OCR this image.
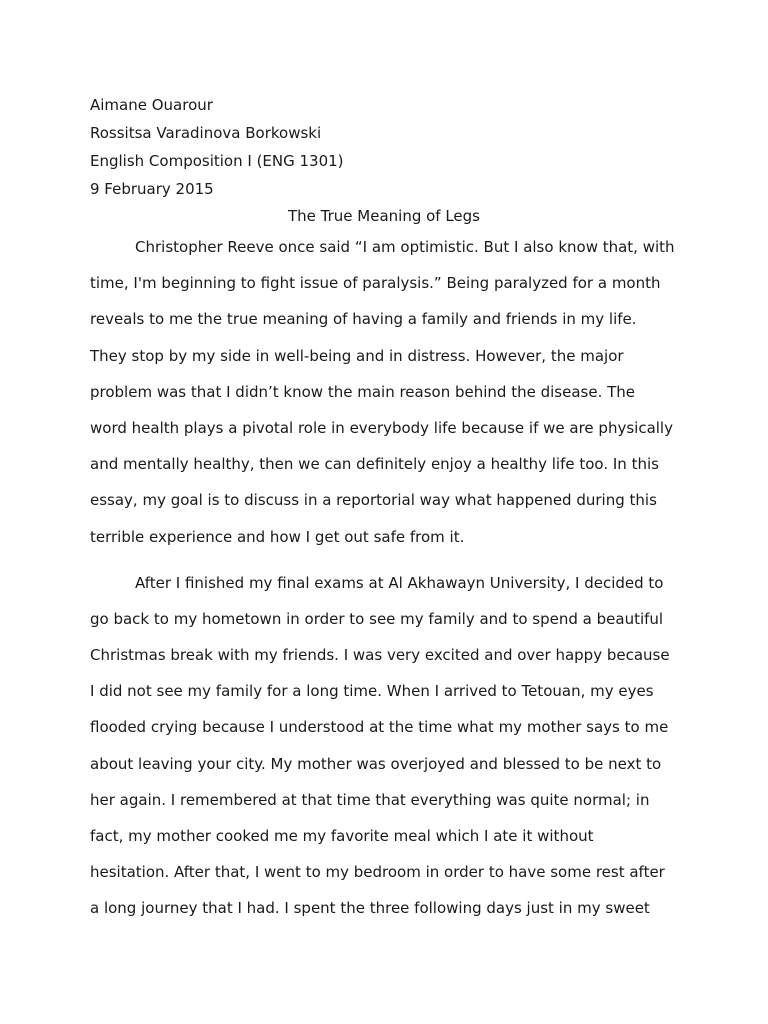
Aimane Ouarour
Rossitsa Varadinova Borkowski
English Composition I (ENG 1301)
9 February 2015
The True Meaning of Legs
Christopher Reeve once said “I am optimistic. But I also know that, with
time, I'm beginning to fight issue of paralysis.” Being paralyzed for a month
reveals to me the true meaning of having a family and friends in my life.
They stop by my side in well-being and in distress. However, the major
problem was that I didn’t know the main reason behind the disease. The
word health plays a pivotal role in everybody life because if we are physically
and mentally healthy, then we can definitely enjoy a healthy life too. In this
essay, my goal is to discuss in a reportorial way what happened during this
terrible experience and how I get out safe from it.
After I finished my final exams at Al Akhawayn University, I decided to
go back to my hometown in order to see my family and to spend a beautiful
Christmas break with my friends. I was very excited and over happy because
I did not see my family for a long time. When I arrived to Tetouan, my eyes
flooded crying because I understood at the time what my mother says to me
about leaving your city. My mother was overjoyed and blessed to be next to
her again. I remembered at that time that everything was quite normal; in
fact, my mother cooked me my favorite meal which I ate it without
hesitation. After that, I went to my bedroom in order to have some rest after
a long journey that I had. I spent the three following days just in my sweet
